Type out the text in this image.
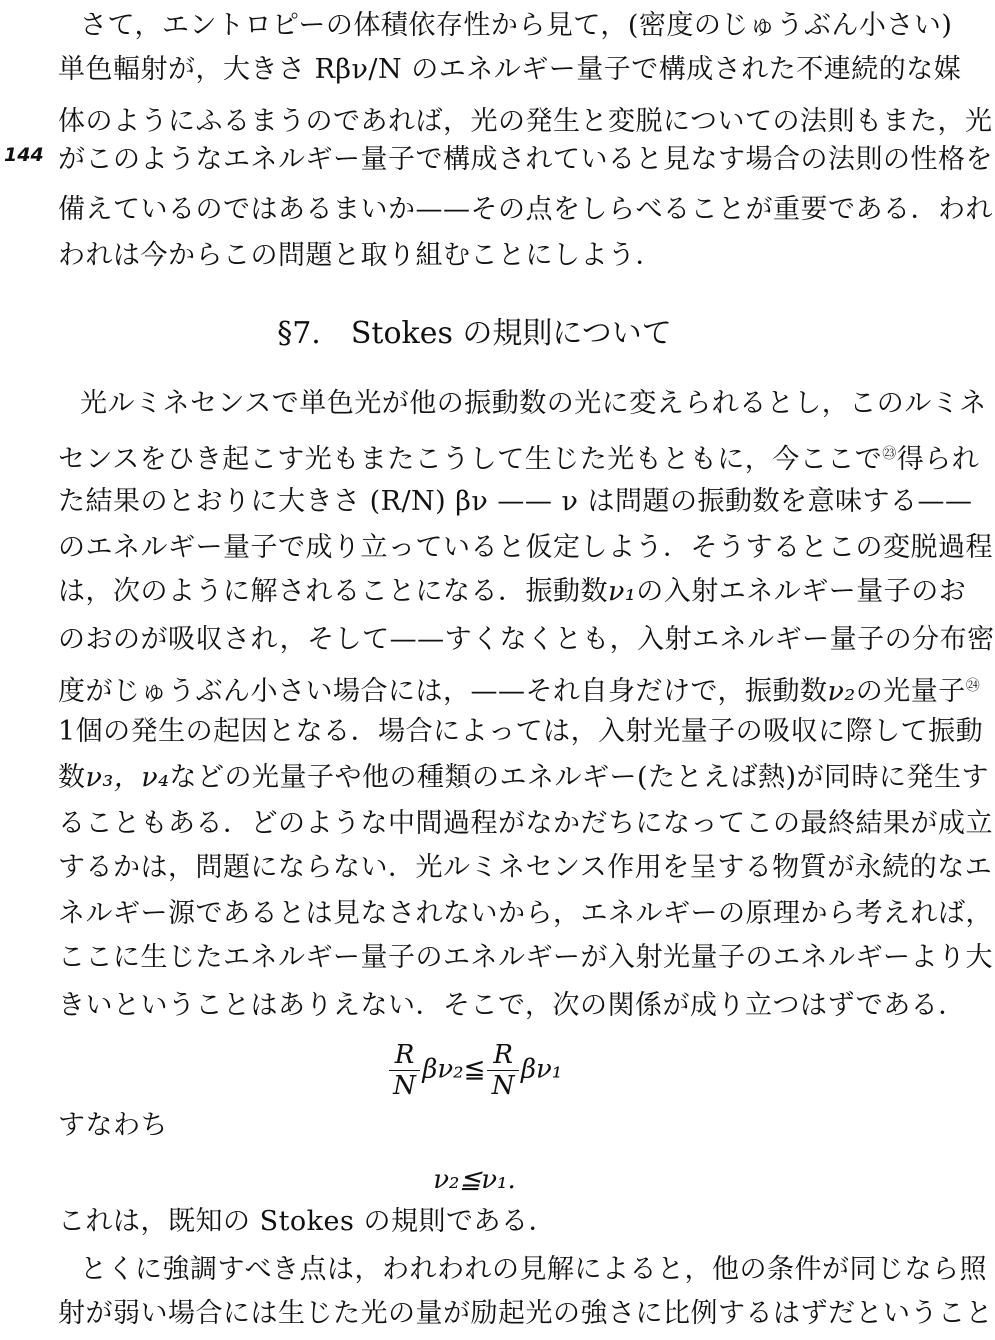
144
さて，エントロピーの体積依存性から見て，(密度のじゅうぶん小さい)
単色輻射が，大きさ Rβν/N のエネルギー量子で構成された不連続的な媒
体のようにふるまうのであれば，光の発生と変脱についての法則もまた，光
がこのようなエネルギー量子で構成されていると見なす場合の法則の性格を
備えているのではあるまいか——その点をしらべることが重要である．われ
われは今からこの問題と取り組むことにしよう．
§7.　Stokes の規則について
光ルミネセンスで単色光が他の振動数の光に変えられるとし，このルミネ
センスをひき起こす光もまたこうして生じた光もともに，今ここで$^㉓$得られ
た結果のとおりに大きさ (R/N) βν —— ν は問題の振動数を意味する——
のエネルギー量子で成り立っていると仮定しよう．そうするとこの変脱過程
は，次のように解されることになる．振動数ν₁の入射エネルギー量子のお
のおのが吸収され，そして——すくなくとも，入射エネルギー量子の分布密
度がじゅうぶん小さい場合には，——それ自身だけで，振動数ν₂の光量子$^㉔$
1個の発生の起因となる．場合によっては，入射光量子の吸収に際して振動
数ν₃，ν₄などの光量子や他の種類のエネルギー(たとえば熱)が同時に発生す
ることもある．どのような中間過程がなかだちになってこの最終結果が成立
するかは，問題にならない．光ルミネセンス作用を呈する物質が永続的なエ
ネルギー源であるとは見なされないから，エネルギーの原理から考えれば，
ここに生じたエネルギー量子のエネルギーが入射光量子のエネルギーより大
きいということはありえない．そこで，次の関係が成り立つはずである．
$\frac{R}{N}$ βν₂≦ $\frac{R}{N} \beta\nu_1$
すなわち
ν₂≦ν₁.
これは，既知の Stokes の規則である．
とくに強調すべき点は，われわれの見解によると，他の条件が同じなら照
射が弱い場合には生じた光の量が励起光の強さに比例するはずだということ
